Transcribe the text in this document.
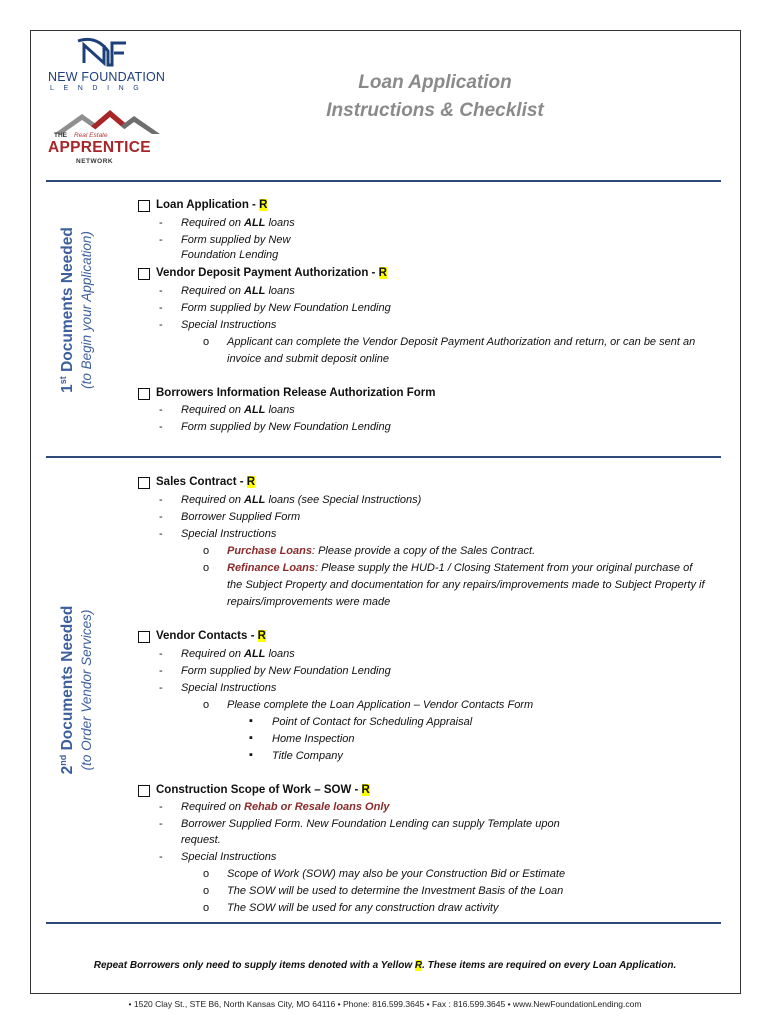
NEW FOUNDATION
LENDING
THE Real Estate
APPRENTICE
NETWORK
Loan Application
Instructions & Checklist
1st Documents Needed (to Begin your Application)
2nd Documents Needed (to Order Vendor Services)
Loan Application - R
- Required on ALL loans
- Form supplied by New
Foundation Lending
Vendor Deposit Payment Authorization - R
- Required on ALL loans
- Form supplied by New Foundation Lending
- Special Instructions
o Applicant can complete the Vendor Deposit Payment Authorization and return, or can be sent an
invoice and submit deposit online
Borrowers Information Release Authorization Form
- Required on ALL loans
- Form supplied by New Foundation Lending
Sales Contract - R
- Required on ALL loans (see Special Instructions)
- Borrower Supplied Form
- Special Instructions
o Purchase Loans: Please provide a copy of the Sales Contract.
o Refinance Loans: Please supply the HUD-1 / Closing Statement from your original purchase of
the Subject Property and documentation for any repairs/improvements made to Subject Property if
repairs/improvements were made
Vendor Contacts - R
- Required on ALL loans
- Form supplied by New Foundation Lending
- Special Instructions
o Please complete the Loan Application – Vendor Contacts Form
▪ Point of Contact for Scheduling Appraisal
▪ Home Inspection
▪ Title Company
Construction Scope of Work – SOW - R
- Required on Rehab or Resale loans Only
- Borrower Supplied Form. New Foundation Lending can supply Template upon
request.
- Special Instructions
o Scope of Work (SOW) may also be your Construction Bid or Estimate
o The SOW will be used to determine the Investment Basis of the Loan
o The SOW will be used for any construction draw activity
Repeat Borrowers only need to supply items denoted with a Yellow R. These items are required on every Loan Application.
• 1520 Clay St., STE B6, North Kansas City, MO 64116 • Phone: 816.599.3645 • Fax : 816.599.3645 • www.NewFoundationLending.com
